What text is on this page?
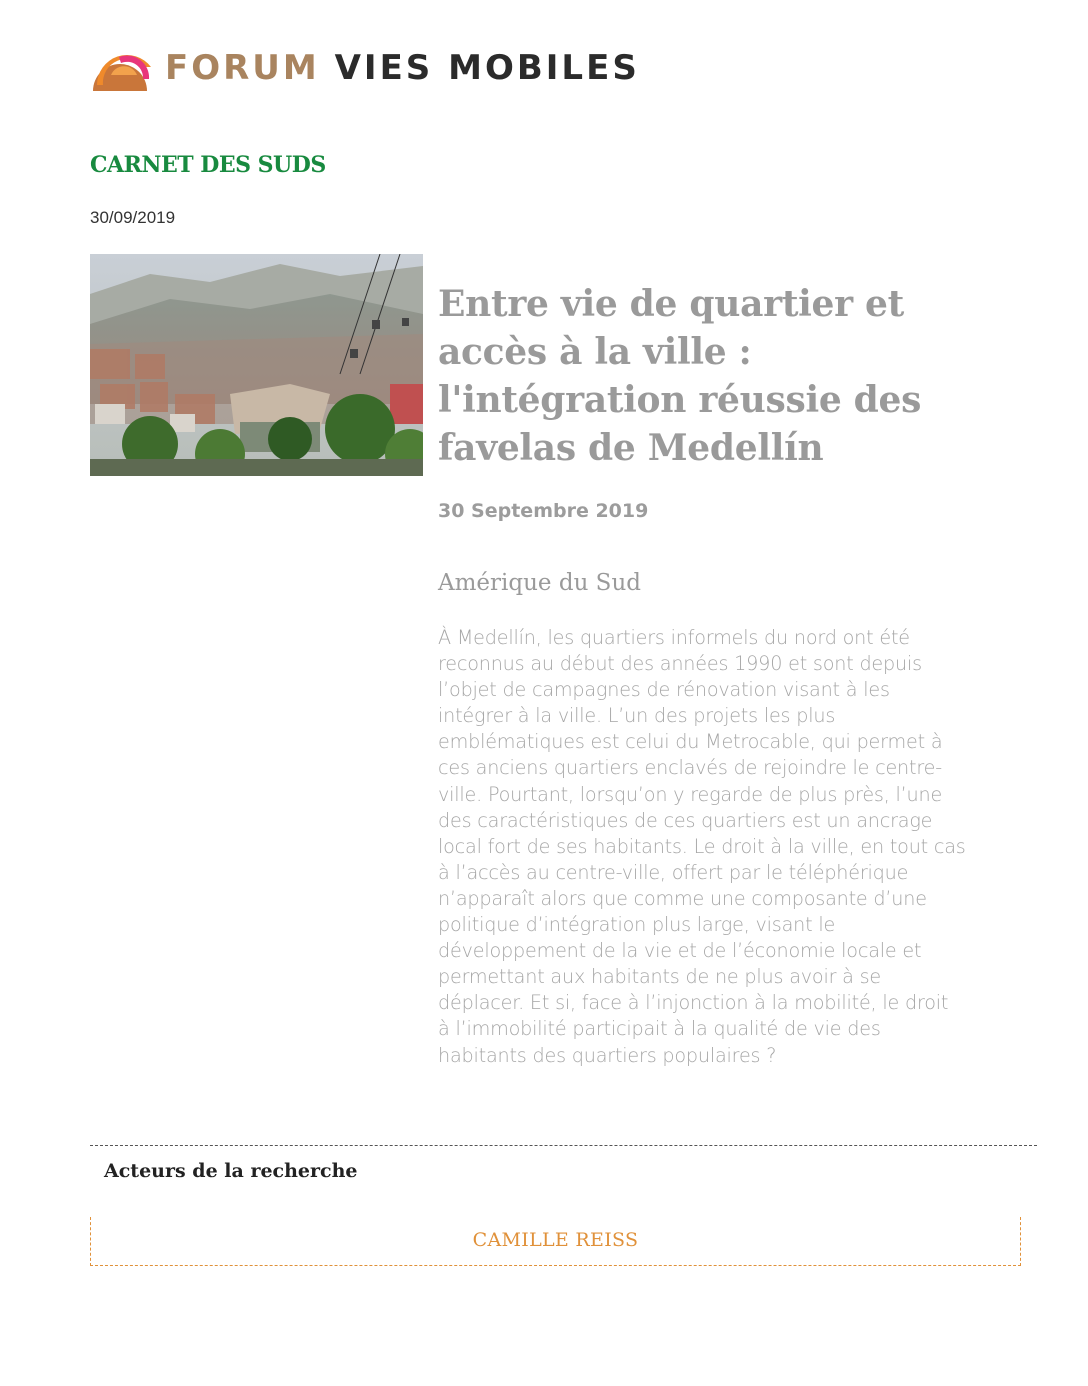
FORUM VIES MOBILES
CARNET DES SUDS
30/09/2019
Entre vie de quartier et accès à la ville : l'intégration réussie des favelas de Medellín
30 Septembre 2019
Amérique du Sud

À Medellín, les quartiers informels du nord ont été
reconnus au début des années 1990 et sont depuis
l’objet de campagnes de rénovation visant à les
intégrer à la ville. L’un des projets les plus
emblématiques est celui du Metrocable, qui permet à
ces anciens quartiers enclavés de rejoindre le centre-
ville. Pourtant, lorsqu’on y regarde de plus près, l’une
des caractéristiques de ces quartiers est un ancrage
local fort de ses habitants. Le droit à la ville, en tout cas
à l’accès au centre-ville, offert par le téléphérique
n’apparaît alors que comme une composante d’une
politique d’intégration plus large, visant le
développement de la vie et de l’économie locale et
permettant aux habitants de ne plus avoir à se
déplacer. Et si, face à l’injonction à la mobilité, le droit
à l’immobilité participait à la qualité de vie des
habitants des quartiers populaires ?

Acteurs de la recherche
CAMILLE REISS
